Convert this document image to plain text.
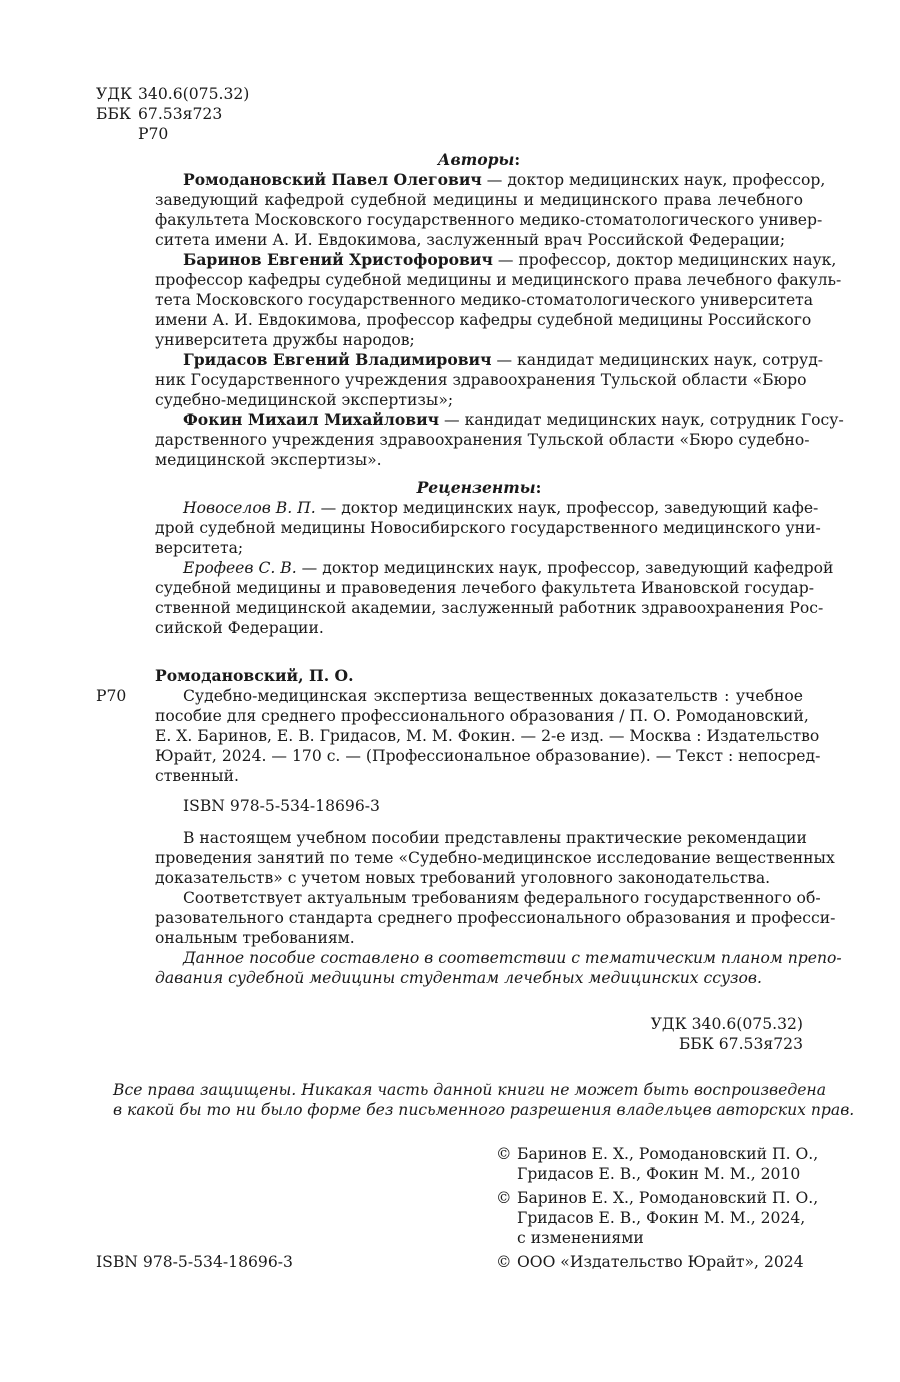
УДК 340.6(075.32)
ББК 67.53я723
Р70
Авторы:
Ромодановский Павел Олегович — доктор медицинских наук, профессор,
заведующий кафедрой судебной медицины и медицинского права лечебного
факультета Московского государственного медико-стоматологического универ-
ситета имени А. И. Евдокимова, заслуженный врач Российской Федерации;
Баринов Евгений Христофорович — профессор, доктор медицинских наук,
профессор кафедры судебной медицины и медицинского права лечебного факуль-
тета Московского государственного медико-стоматологического университета
имени А. И. Евдокимова, профессор кафедры судебной медицины Российского
университета дружбы народов;
Гридасов Евгений Владимирович — кандидат медицинских наук, сотруд-
ник Государственного учреждения здравоохранения Тульской области «Бюро
судебно-медицинской экспертизы»;
Фокин Михаил Михайлович — кандидат медицинских наук, сотрудник Госу-
дарственного учреждения здравоохранения Тульской области «Бюро судебно-
медицинской экспертизы».
Рецензенты:
Новоселов В. П. — доктор медицинских наук, профессор, заведующий кафе-
дрой судебной медицины Новосибирского государственного медицинского уни-
верситета;
Ерофеев С. В. — доктор медицинских наук, профессор, заведующий кафедрой
судебной медицины и правоведения лечебого факультета Ивановской государ-
ственной медицинской академии, заслуженный работник здравоохранения Рос-
сийской Федерации.
Ромодановский, П. О.
Р70	Судебно-медицинская экспертиза вещественных доказательств : учебное
пособие для среднего профессионального образования / П. О. Ромодановский,
Е. Х. Баринов, Е. В. Гридасов, М. М. Фокин. — 2-е изд. — Москва : Издательство
Юрайт, 2024. — 170 с. — (Профессиональное образование). — Текст : непосред-
ственный.
ISBN 978-5-534-18696-3
В настоящем учебном пособии представлены практические рекомендации
проведения занятий по теме «Судебно-медицинское исследование вещественных
доказательств» с учетом новых требований уголовного законодательства.
Соответствует актуальным требованиям федерального государственного об-
разовательного стандарта среднего профессионального образования и професси-
ональным требованиям.
Данное пособие составлено в соответствии с тематическим планом препо-
давания судебной медицины студентам лечебных медицинских ссузов.
УДК 340.6(075.32)
ББК 67.53я723
Все права защищены. Никакая часть данной книги не может быть воспроизведена
в какой бы то ни было форме без письменного разрешения владельцев авторских прав.
© Баринов Е. Х., Ромодановский П. О.,
Гридасов Е. В., Фокин М. М., 2010
© Баринов Е. Х., Ромодановский П. О.,
Гридасов Е. В., Фокин М. М., 2024,
с изменениями
ISBN 978-5-534-18696-3	© ООО «Издательство Юрайт», 2024
